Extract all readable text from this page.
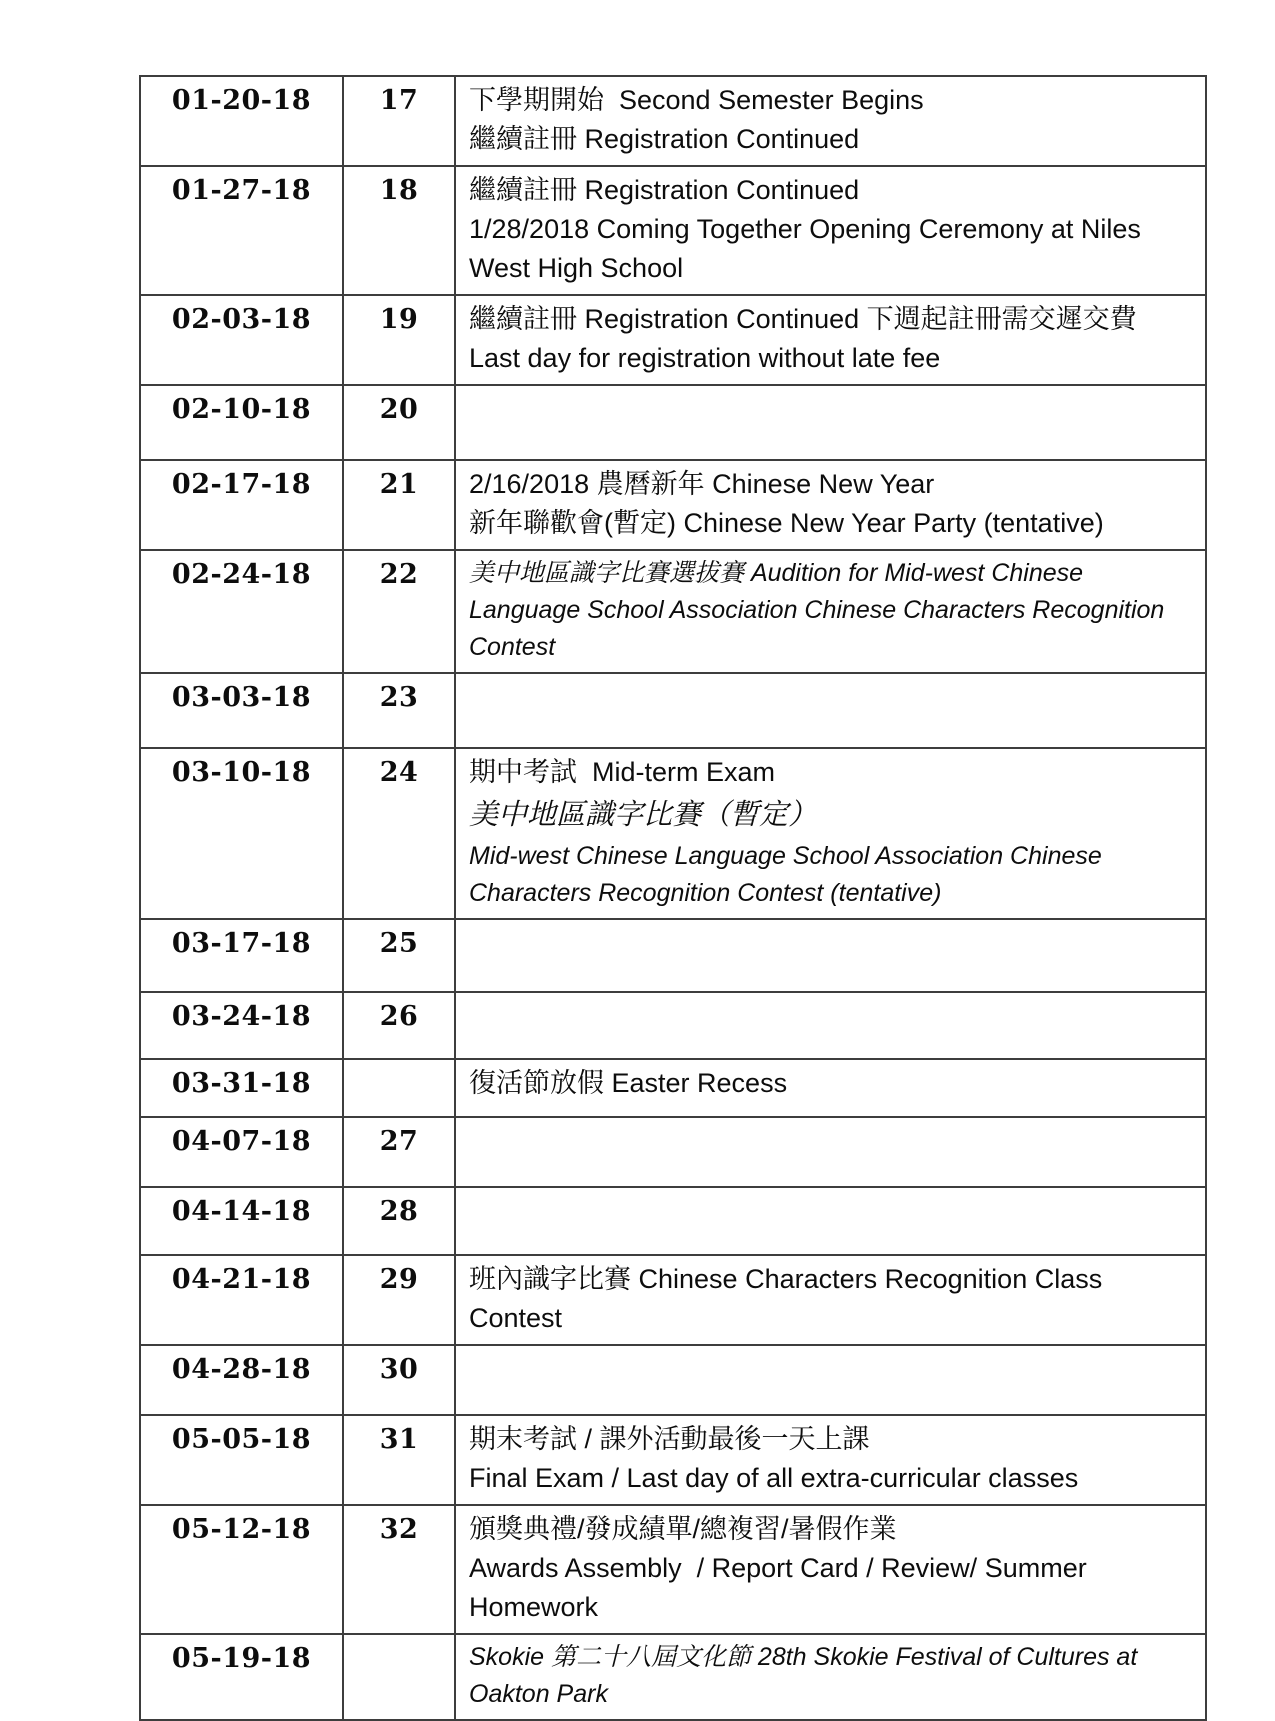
01-20-18	17	下學期開始  Second Semester Begins
繼續註冊 Registration Continued

01-27-18	18	繼續註冊 Registration Continued
1/28/2018 Coming Together Opening Ceremony at Niles West High School

02-03-18	19	繼續註冊 Registration Continued 下週起註冊需交遲交費
Last day for registration without late fee

02-10-18	20	
02-17-18	21	2/16/2018 農曆新年 Chinese New Year
新年聯歡會(暫定) Chinese New Year Party (tentative)

02-24-18	22	美中地區識字比賽選拔賽 Audition for Mid-west Chinese Language School Association Chinese Characters Recognition Contest

03-03-18	23	
03-10-18	24	期中考試  Mid-term Exam
美中地區識字比賽（暫定）
Mid-west Chinese Language School Association Chinese Characters Recognition Contest (tentative)

03-17-18	25	
03-24-18	26	
03-31-18		復活節放假 Easter Recess

04-07-18	27	
04-14-18	28	
04-21-18	29	班內識字比賽 Chinese Characters Recognition Class Contest

04-28-18	30	
05-05-18	31	期末考試 / 課外活動最後一天上課
Final Exam / Last day of all extra-curricular classes

05-12-18	32	頒獎典禮/發成績單/總複習/暑假作業
Awards Assembly  / Report Card / Review/ Summer Homework

05-19-18		Skokie 第二十八屆文化節 28th Skokie Festival of Cultures at Oakton Park
